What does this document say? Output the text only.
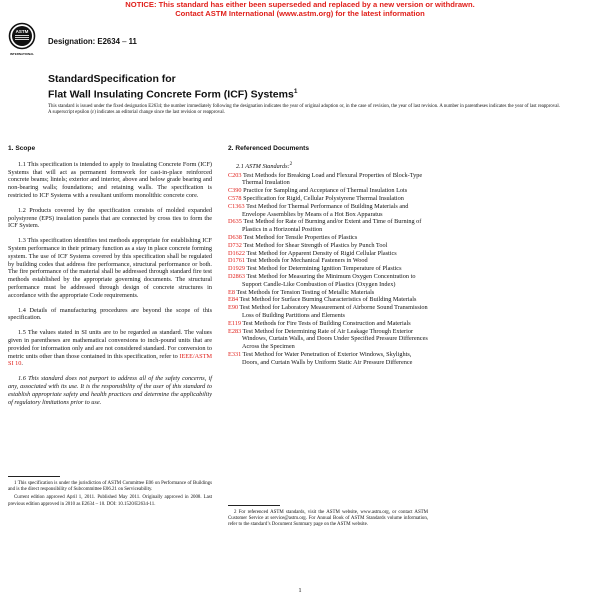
NOTICE: This standard has either been superseded and replaced by a new version or withdrawn.
Contact ASTM International (www.astm.org) for the latest information
ASTM
INTERNATIONAL
Designation: E2634 – 11
StandardSpecification for
Flat Wall Insulating Concrete Form (ICF) Systems$^1$
This standard is issued under the fixed designation E2634; the number immediately following the designation indicates the year of original adoption or, in the case of revision, the year of last revision. A number in parentheses indicates the year of last reapproval. A superscript epsilon (ε) indicates an editorial change since the last revision or reapproval.
1. Scope

1.1 This specification is intended to apply to Insulating Concrete Form (ICF) Systems that will act as permanent formwork for cast-in-place reinforced concrete beams; lintels; exterior and interior, above and below grade bearing and non-bearing walls; foundations; and retaining walls. The specification is restricted to ICF Systems with a resultant uniform monolithic concrete core.

1.2 Products covered by the specification consists of molded expanded polystyrene (EPS) insulation panels that are connected by cross ties to form the ICF System.

1.3 This specification identifies test methods appropriate for establishing ICF System performance in their primary function as a stay in place concrete forming system. The use of ICF Systems covered by this specification shall be regulated by building codes that address fire performance, structural performance or both. The fire performance of the material shall be addressed through standard fire test methods established by the appropriate governing documents. The structural performance must be addressed through design of concrete structures in accordance with the appropriate Code requirements.

1.4 Details of manufacturing procedures are beyond the scope of this specification.

1.5 The values stated in SI units are to be regarded as standard. The values given in parentheses are mathematical conversions to inch-pound units that are provided for information only and are not considered standard. For conversion to metric units other than those contained in this specification, refer to IEEE/ASTM SI 10.

1.6 This standard does not purport to address all of the safety concerns, if any, associated with its use. It is the responsibility of the user of this standard to establish appropriate safety and health practices and determine the applicability of regulatory limitations prior to use.

2. Referenced Documents
2.1 ASTM Standards:$^2$
C203 Test Methods for Breaking Load and Flexural Properties of Block-Type Thermal Insulation
C390 Practice for Sampling and Acceptance of Thermal Insulation Lots
C578 Specification for Rigid, Cellular Polystyrene Thermal Insulation
C1363 Test Method for Thermal Performance of Building Materials and Envelope Assemblies by Means of a Hot Box Apparatus
D635 Test Method for Rate of Burning and/or Extent and Time of Burning of Plastics in a Horizontal Position
D638 Test Method for Tensile Properties of Plastics
D732 Test Method for Shear Strength of Plastics by Punch Tool
D1622 Test Method for Apparent Density of Rigid Cellular Plastics
D1761 Test Methods for Mechanical Fasteners in Wood
D1929 Test Method for Determining Ignition Temperature of Plastics
D2863 Test Method for Measuring the Minimum Oxygen Concentration to Support Candle-Like Combustion of Plastics (Oxygen Index)
E8 Test Methods for Tension Testing of Metallic Materials
E84 Test Method for Surface Burning Characteristics of Building Materials
E90 Test Method for Laboratory Measurement of Airborne Sound Transmission Loss of Building Partitions and Elements
E119 Test Methods for Fire Tests of Building Construction and Materials
E283 Test Method for Determining Rate of Air Leakage Through Exterior Windows, Curtain Walls, and Doors Under Specified Pressure Differences Across the Specimen
E331 Test Method for Water Penetration of Exterior Windows, Skylights, Doors, and Curtain Walls by Uniform Static Air Pressure Difference

1 This specification is under the jurisdiction of ASTM Committee E06 on Performance of Buildings and is the direct responsibility of Subcommittee E06.21 on Serviceability.

Current edition approved April 1, 2011. Published May 2011. Originally approved in 2008. Last previous edition approved in 2010 as E2634 – 10. DOI: 10.1520/E2634-11.

2 For referenced ASTM standards, visit the ASTM website, www.astm.org, or contact ASTM Customer Service at service@astm.org. For Annual Book of ASTM Standards volume information, refer to the standard’s Document Summary page on the ASTM website.

1
